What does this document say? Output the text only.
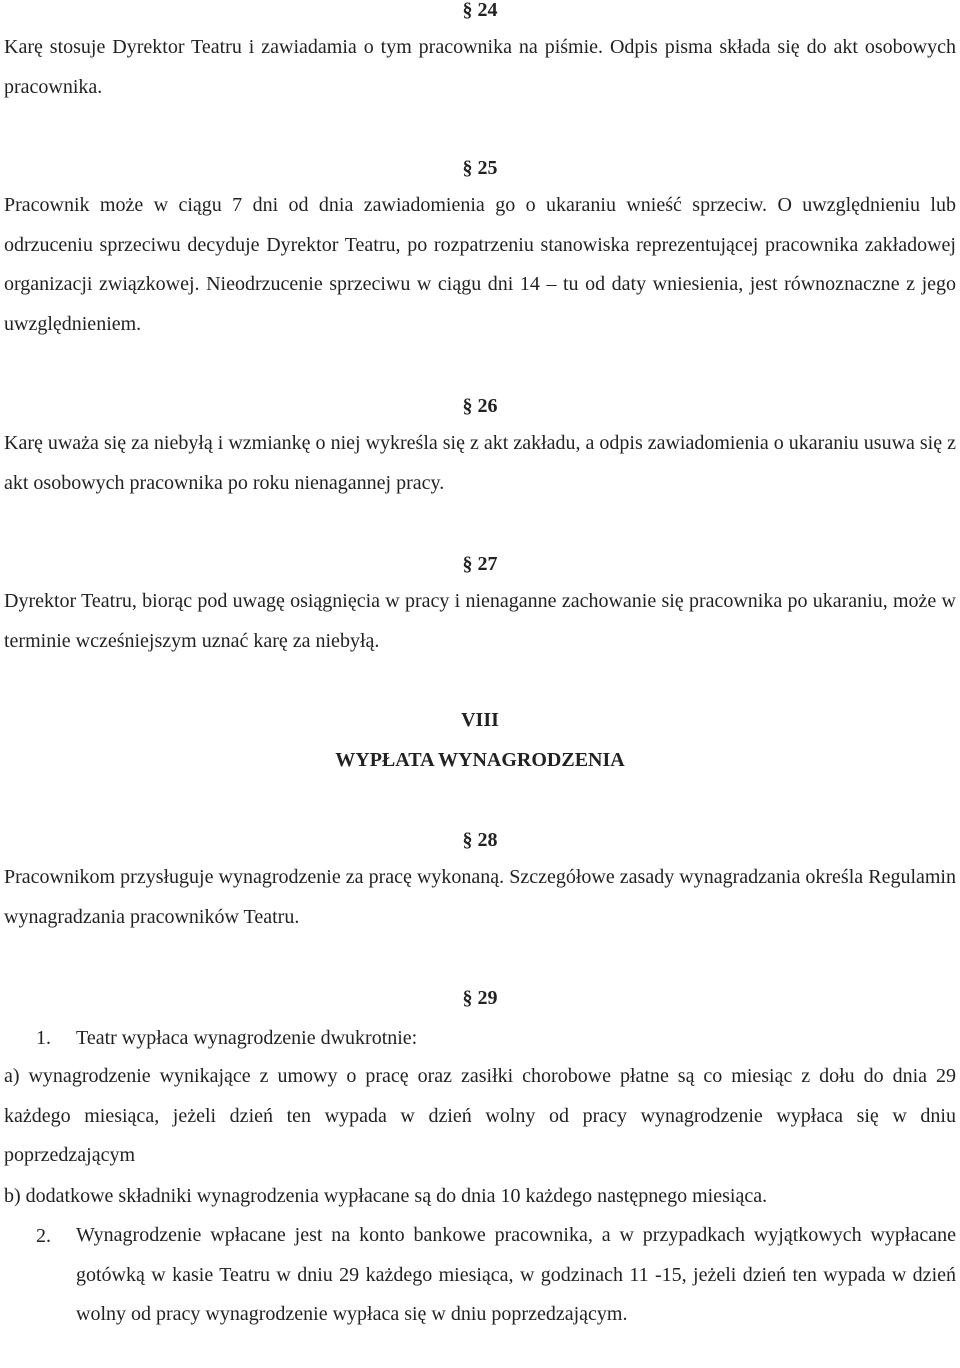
§ 24
Karę stosuje Dyrektor Teatru i zawiadamia o tym pracownika na piśmie. Odpis pisma składa się do akt osobowych pracownika.
§ 25
Pracownik może w ciągu 7 dni od dnia zawiadomienia go o ukaraniu wnieść sprzeciw. O uwzględnieniu lub odrzuceniu sprzeciwu decyduje Dyrektor Teatru, po rozpatrzeniu stanowiska reprezentującej pracownika zakładowej organizacji związkowej. Nieodrzucenie sprzeciwu w ciągu dni 14 – tu od daty wniesienia, jest równoznaczne z jego uwzględnieniem.
§ 26
Karę uważa się za niebyłą i wzmiankę o niej wykreśla się z akt zakładu, a odpis zawiadomienia o ukaraniu usuwa się z akt osobowych pracownika po roku nienagannej pracy.
§ 27
Dyrektor Teatru, biorąc pod uwagę osiągnięcia w pracy i nienaganne zachowanie się pracownika po ukaraniu, może w terminie wcześniejszym uznać karę za niebyłą.
VIII
WYPŁATA WYNAGRODZENIA
§ 28
Pracownikom przysługuje wynagrodzenie za pracę wykonaną. Szczegółowe zasady wynagradzania określa Regulamin wynagradzania pracowników Teatru.
§ 29
1. Teatr wypłaca wynagrodzenie dwukrotnie:
a) wynagrodzenie wynikające z umowy o pracę oraz zasiłki chorobowe płatne są co miesiąc z dołu do dnia 29 każdego miesiąca, jeżeli dzień ten wypada w dzień wolny od pracy wynagrodzenie wypłaca się w dniu poprzedzającym
b) dodatkowe składniki wynagrodzenia wypłacane są do dnia 10 każdego następnego miesiąca.
2. Wynagrodzenie wpłacane jest na konto bankowe pracownika, a w przypadkach wyjątkowych wypłacane gotówką w kasie Teatru w dniu 29 każdego miesiąca, w godzinach 11 -15, jeżeli dzień ten wypada w dzień wolny od pracy wynagrodzenie wypłaca się w dniu poprzedzającym.
